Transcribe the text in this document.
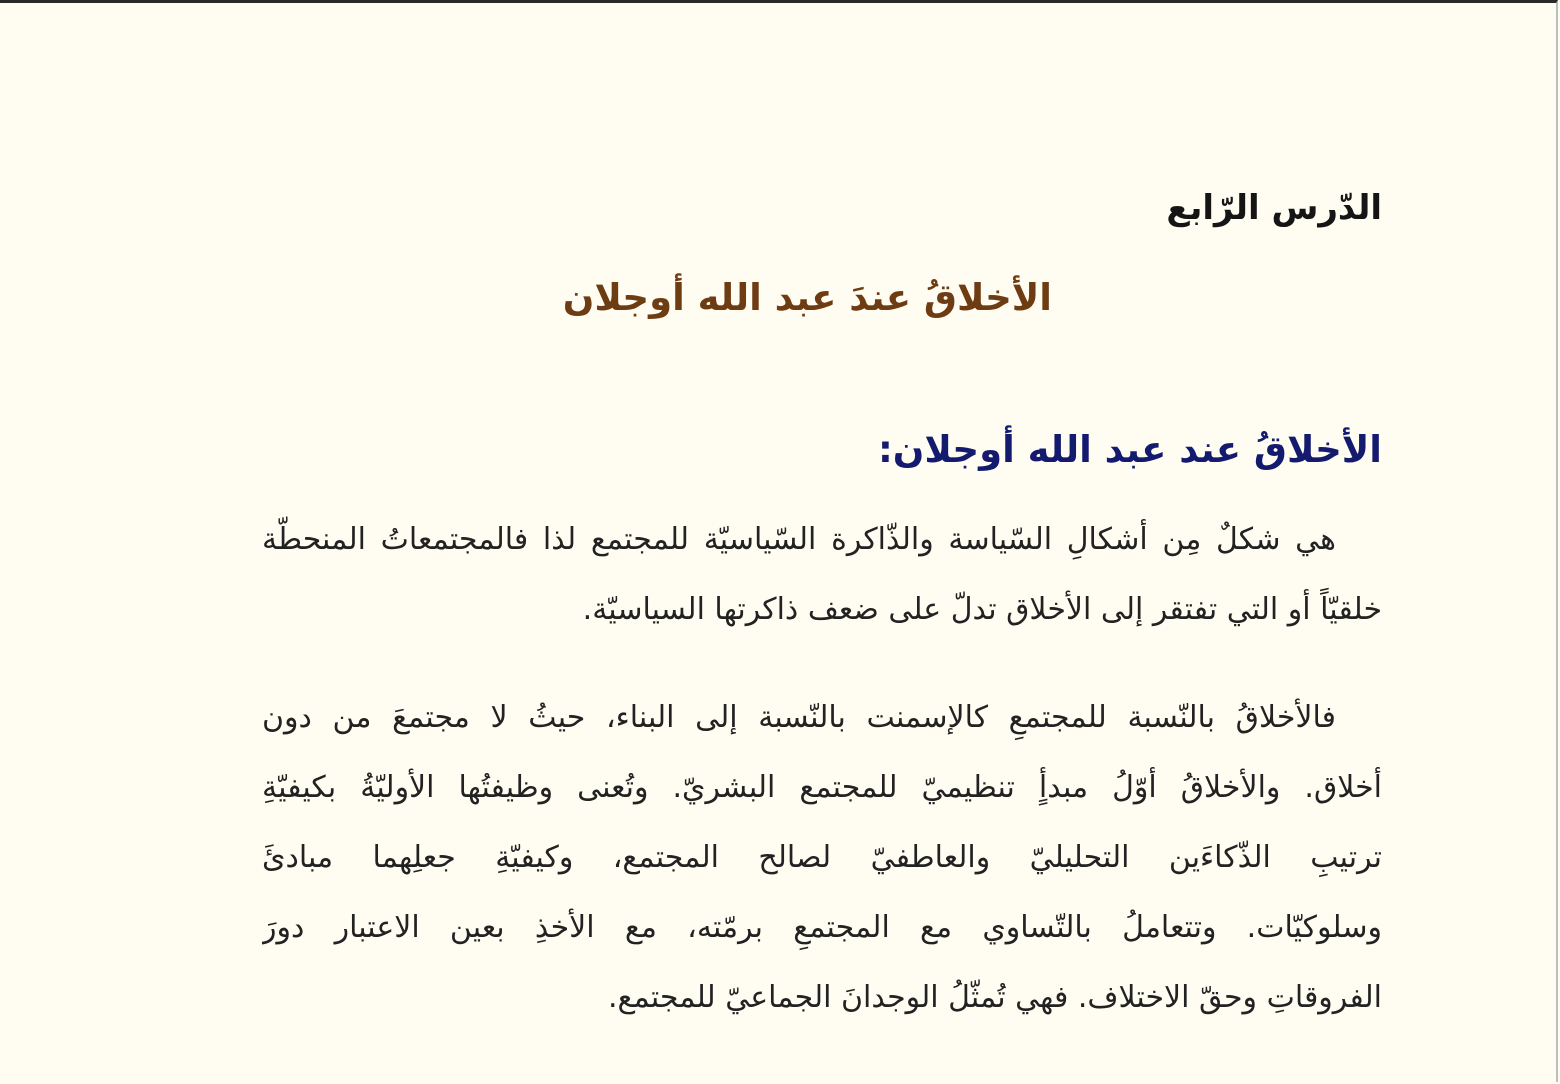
الدّرس الرّابع
الأخلاقُ عندَ عبد الله أوجلان
الأخلاقُ عند عبد الله أوجلان:
هي شكلٌ مِن أشكالِ السّياسة والذّاكرة السّياسيّة للمجتمع لذا فالمجتمعاتُ المنحطّة
خلقيّاً أو التي تفتقر إلى الأخلاق تدلّ على ضعف ذاكرتها السياسيّة.
فالأخلاقُ بالنّسبة للمجتمعِ كالإسمنت بالنّسبة إلى البناء، حيثُ لا مجتمعَ من دون
أخلاق. والأخلاقُ أوّلُ مبدأٍ تنظيميّ للمجتمع البشريّ. وتُعنى وظيفتُها الأوليّةُ بكيفيّةِ
ترتيبِ الذّكاءَين التحليليّ والعاطفيّ لصالح المجتمع، وكيفيّةِ جعلِهما مبادئَ
وسلوكيّات. وتتعاملُ بالتّساوي مع المجتمعِ برمّته، مع الأخذِ بعين الاعتبار دورَ
الفروقاتِ وحقّ الاختلاف. فهي تُمثّلُ الوجدانَ الجماعيّ للمجتمع.
